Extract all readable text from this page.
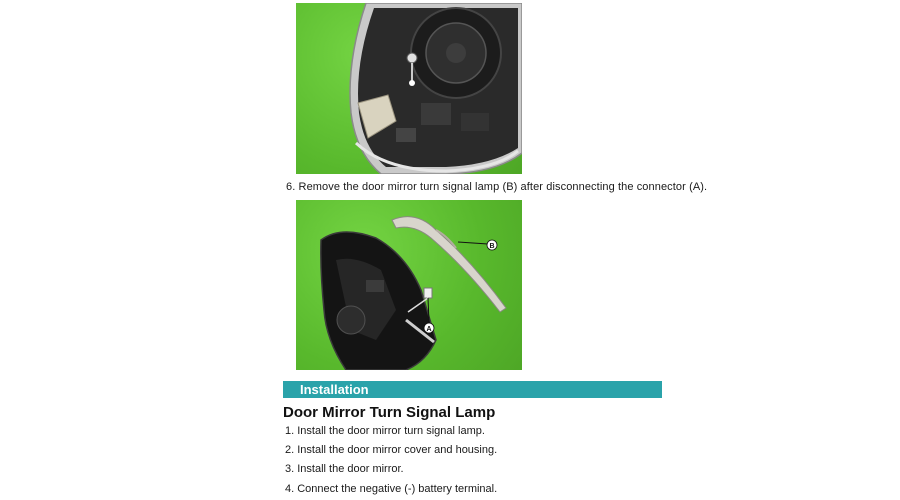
6. Remove the door mirror turn signal lamp (B) after disconnecting the connector (A).
B
A
Installation
Door Mirror Turn Signal Lamp
1. Install the door mirror turn signal lamp.
2. Install the door mirror cover and housing.
3. Install the door mirror.
4. Connect the negative (-) battery terminal.
